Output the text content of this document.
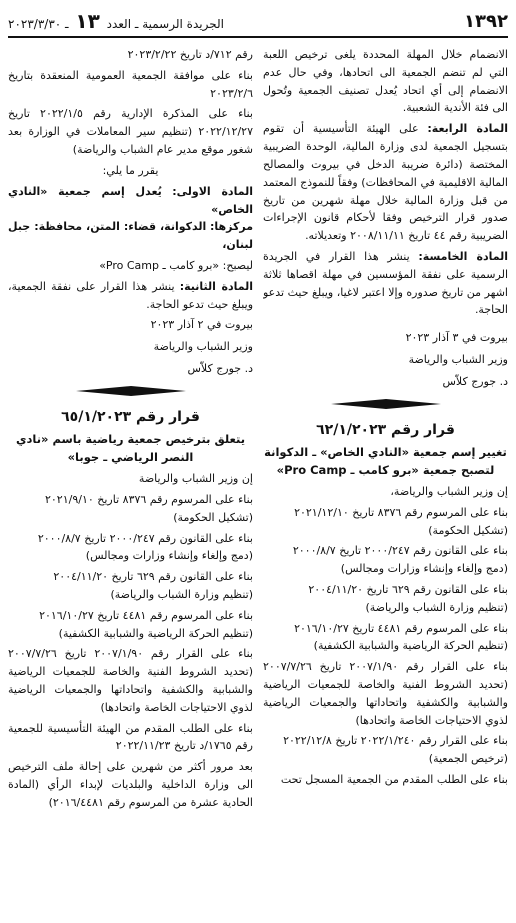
١٣٩٢
الجريدة الرسمية ـ العدد ١٣ ـ ٢٠٢٣/٣/٣٠

الانضمام خلال المهلة المحددة يلغى ترخيص اللعبة التي لم تنضم الجمعية الى اتحادها، وفي حال عدم الانضمام إلى أي اتحاد يُعدل تصنيف الجمعية وتُحول الى فئة الأندية الشعبية.

المادة الرابعة: على الهيئة التأسيسية أن تقوم بتسجيل الجمعية لدى وزارة المالية، الوحدة الضريبية المختصة (دائرة ضريبة الدخل في بيروت والمصالح المالية الاقليمية في المحافظات) وفقاً للنموذج المعتمد من قبل وزارة المالية خلال مهلة شهرين من تاريخ صدور قرار الترخيص وفقا لأحكام قانون الإجراءات الضريبية رقم ٤٤ تاريخ ٢٠٠٨/١١/١١ وتعديلاته.

المادة الخامسة: ينشر هذا القرار في الجريدة الرسمية على نفقة المؤسسين في مهلة اقصاها ثلاثة اشهر من تاريخ صدوره وإلا اعتبر لاغيا، ويبلغ حيث تدعو الحاجة.

بيروت في ٣ آذار ٢٠٢٣

وزير الشباب والرياضة

د. جورج كلاّس

قرار رقم ٦٢/١/٢٠٢٣

تغيير إسم جمعية «النادي الخاص» ـ الدكوانة لتصبح جمعية «برو كامب ـ Pro Camp»

إن وزير الشباب والرياضة،

بناء على المرسوم رقم ٨٣٧٦ تاريخ ٢٠٢١/١٢/١٠
(تشكيل الحكومة)

بناء على القانون رقم ٢٠٠٠/٢٤٧ تاريخ ٢٠٠٠/٨/٧
(دمج وإلغاء وإنشاء وزارات ومجالس)

بناء على القانون رقم ٦٢٩ تاريخ ٢٠٠٤/١١/٢٠
(تنظيم وزارة الشباب والرياضة)

بناء على المرسوم رقم ٤٤٨١ تاريخ ٢٠١٦/١٠/٢٧
(تنظيم الحركة الرياضية والشبابية الكشفية)

بناء على القرار رقم ٢٠٠٧/١/٩٠ تاريخ ٢٠٠٧/٧/٢٦ (تحديد الشروط الفنية والخاصة للجمعيات الرياضية والشبابية والكشفية واتحاداتها والجمعيات الرياضية لذوي الاحتياجات الخاصة واتحادها)

بناء على القرار رقم ٢٠٢٢/١/٢٤٠ تاريخ ٢٠٢٢/١٢/٨
(ترخيص الجمعية)

بناء على الطلب المقدم من الجمعية المسجل تحت

رقم ٧١٢/د تاريخ ٢٠٢٣/٢/٢٢

بناء على موافقة الجمعية العمومية المنعقدة بتاريخ ٢٠٢٣/٢/٦

بناء على المذكرة الإدارية رقم ٢٠٢٢/١/٥ تاريخ ٢٠٢٢/١٢/٢٧ (تنظيم سير المعاملات في الوزارة بعد شغور موقع مدير عام الشباب والرياضة)

يقرر ما يلي:

المادة الاولى: يُعدل إسم جمعية «النادي الخاص»
مركزها: الدكوانة، قضاء: المتن، محافظة: جبل لبنان،

ليصبح: «برو كامب ـ Pro Camp»

المادة الثانية: ينشر هذا القرار على نفقة الجمعية، ويبلغ حيث تدعو الحاجة.

بيروت في ٢ آذار ٢٠٢٣

وزير الشباب والرياضة

د. جورج كلاّس

قرار رقم ٦٥/١/٢٠٢٣

يتعلق بترخيص جمعية رياضية باسم «نادي النصر الرياضي ـ جوبا»

إن وزير الشباب والرياضة

بناء على المرسوم رقم ٨٣٧٦ تاريخ ٢٠٢١/٩/١٠
(تشكيل الحكومة)

بناء على القانون رقم ٢٠٠٠/٢٤٧ تاريخ ٢٠٠٠/٨/٧
(دمج وإلغاء وإنشاء وزارات ومجالس)

بناء على القانون رقم ٦٢٩ تاريخ ٢٠٠٤/١١/٢٠
(تنظيم وزارة الشباب والرياضة)

بناء على المرسوم رقم ٤٤٨١ تاريخ ٢٠١٦/١٠/٢٧
(تنظيم الحركة الرياضية والشبابية الكشفية)

بناء على القرار رقم ٢٠٠٧/١/٩٠ تاريخ ٢٠٠٧/٧/٢٦ (تحديد الشروط الفنية والخاصة للجمعيات الرياضية والشبابية والكشفية واتحاداتها والجمعيات الرياضية لذوي الاحتياجات الخاصة واتحادها)

بناء على الطلب المقدم من الهيئة التأسيسية للجمعية رقم ١٧٦٥/د تاريخ ٢٠٢٢/١١/٢٣

بعد مرور أكثر من شهرين على إحالة ملف الترخيص الى وزارة الداخلية والبلديات لإبداء الرأي (المادة الحادية عشرة من المرسوم رقم ٢٠١٦/٤٤٨١)
